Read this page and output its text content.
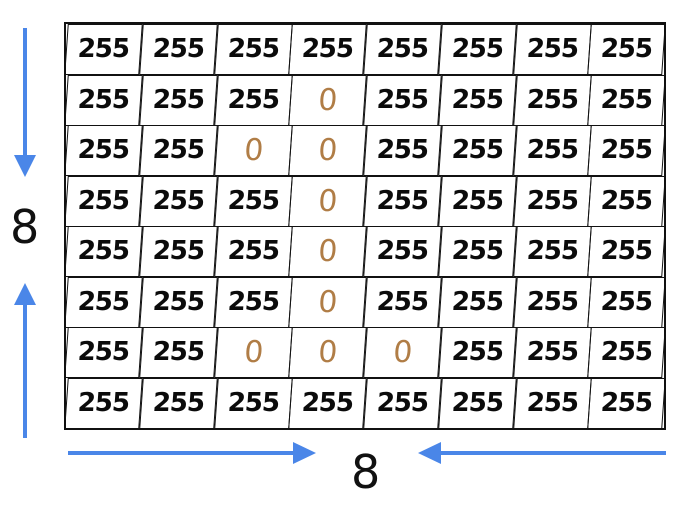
255 255 255 255 255 255 255 255
255 255 255	0	255 255 255 255
255 255	0	0	255 255 255 255
255 255 255	0	255 255 255 255
255 255 255	0	255 255 255 255
255 255 255	0	255 255 255 255
255 255	0	0	0	255 255 255
255 255 255 255 255 255 255 255
8
8
